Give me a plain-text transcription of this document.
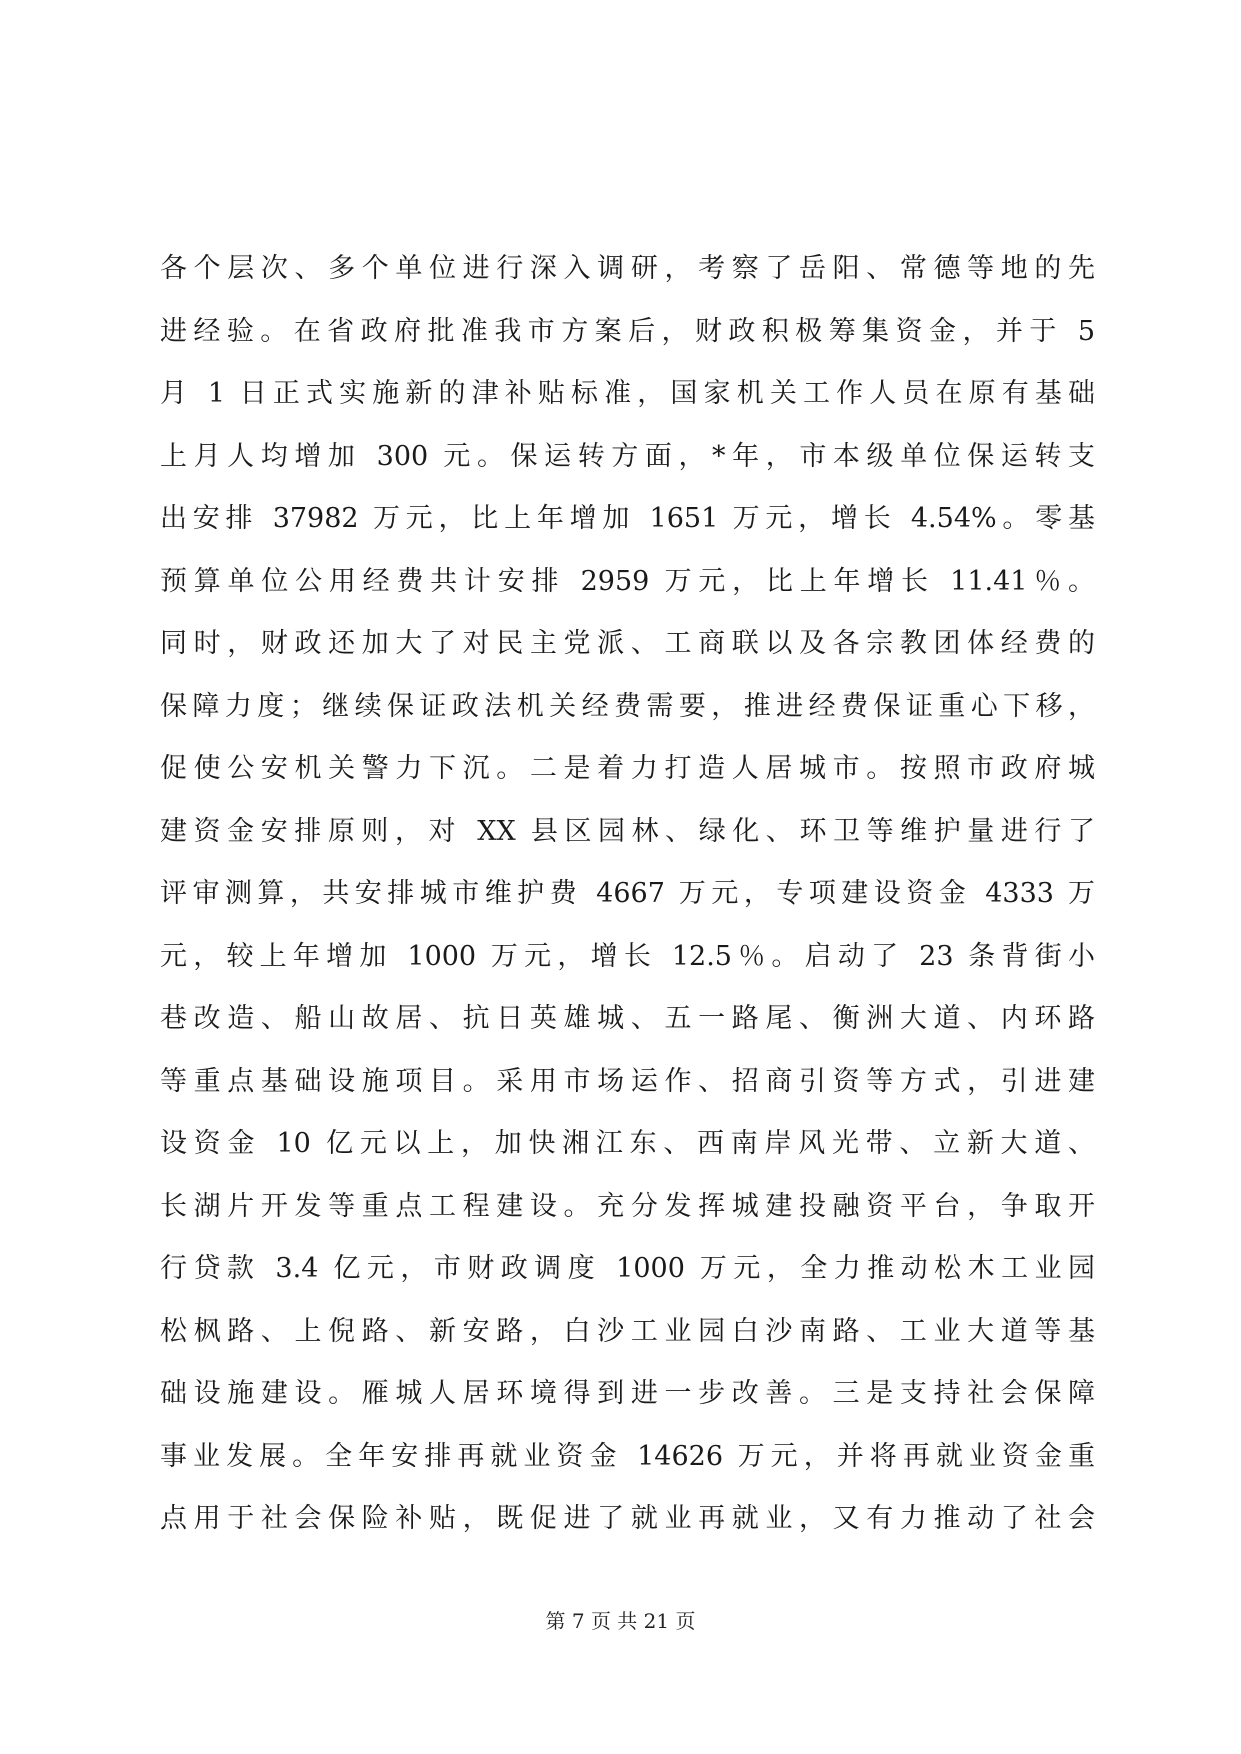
各个层次、多个单位进行深入调研，考察了岳阳、常德等地的先
进经验。在省政府批准我市方案后，财政积极筹集资金，并于 5
月 1 日正式实施新的津补贴标准，国家机关工作人员在原有基础
上月人均增加 300 元。保运转方面，*年，市本级单位保运转支
出安排 37982 万元，比上年增加 1651 万元，增长 4.54%。零基
预算单位公用经费共计安排 2959 万元，比上年增长 11.41％。
同时，财政还加大了对民主党派、工商联以及各宗教团体经费的
保障力度；继续保证政法机关经费需要，推进经费保证重心下移，
促使公安机关警力下沉。二是着力打造人居城市。按照市政府城
建资金安排原则，对 XX 县区园林、绿化、环卫等维护量进行了
评审测算，共安排城市维护费 4667 万元，专项建设资金 4333 万
元，较上年增加 1000 万元，增长 12.5％。启动了 23 条背街小
巷改造、船山故居、抗日英雄城、五一路尾、衡洲大道、内环路
等重点基础设施项目。采用市场运作、招商引资等方式，引进建
设资金 10 亿元以上，加快湘江东、西南岸风光带、立新大道、
长湖片开发等重点工程建设。充分发挥城建投融资平台，争取开
行贷款 3.4 亿元，市财政调度 1000 万元，全力推动松木工业园
松枫路、上倪路、新安路，白沙工业园白沙南路、工业大道等基
础设施建设。雁城人居环境得到进一步改善。三是支持社会保障
事业发展。全年安排再就业资金 14626 万元，并将再就业资金重
点用于社会保险补贴，既促进了就业再就业，又有力推动了社会
第 7 页 共 21 页
